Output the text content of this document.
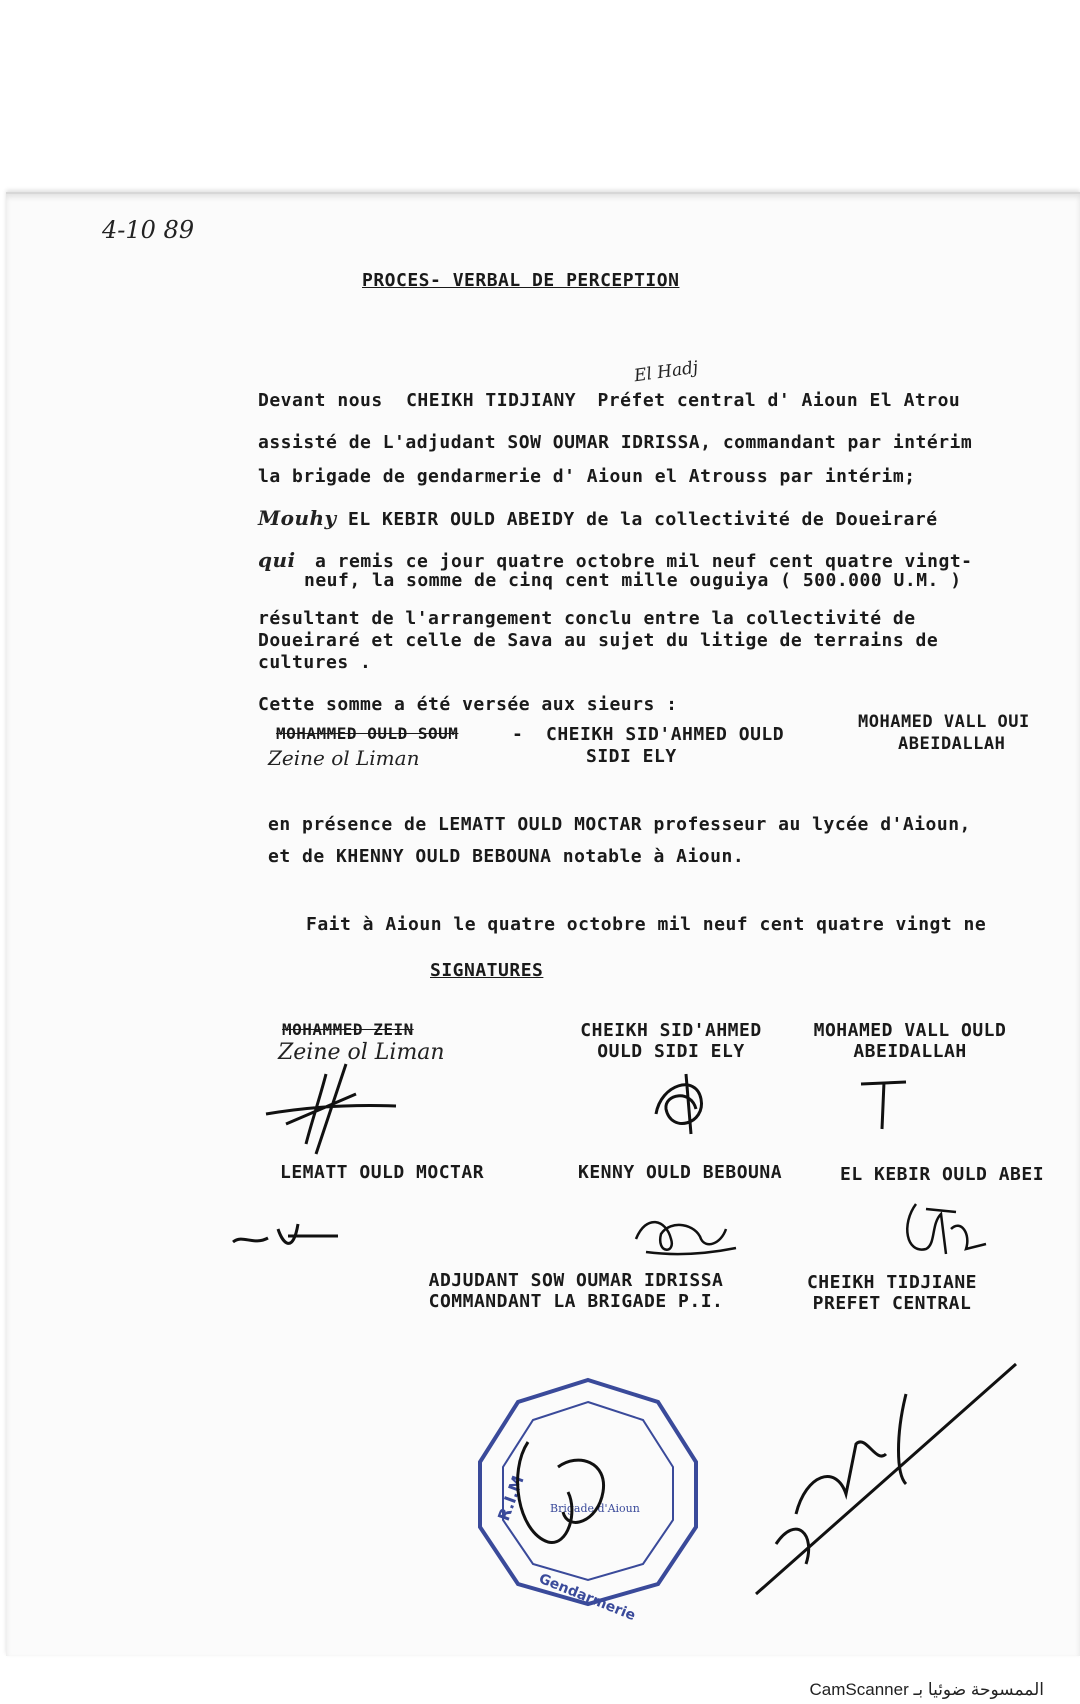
4-10 89
PROCES- VERBAL DE PERCEPTION
El Hadj
Devant nous CHEIKH TIDJIANY Préfet central d' Aioun El Atrou
assisté de L'adjudant SOW OUMAR IDRISSA, commandant par intérim
la brigade de gendarmerie d' Aioun el Atrouss par intérim;
Mouhy EL KEBIR OULD ABEIDY de la collectivité de Doueiraré
qui a remis ce jour quatre octobre mil neuf cent quatre vingt-
neuf, la somme de cinq cent mille ouguiya ( 500.000 U.M. )
résultant de l'arrangement conclu entre la collectivité de
Doueiraré et celle de Sava au sujet du litige de terrains de
cultures .
Cette somme a été versée aux sieurs :
MOHAMMED OULD SOUM
Zeine ol Liman
- CHEIKH SID'AHMED OULD
SIDI ELY
MOHAMED VALL OUI
ABEIDALLAH
en présence de LEMATT OULD MOCTAR professeur au lycée d'Aioun,
et de KHENNY OULD BEBOUNA notable à Aioun.
Fait à Aioun le quatre octobre mil neuf cent quatre vingt ne
SIGNATURES
MOHAMMED ZEIN
Zeine ol Liman
CHEIKH SID'AHMED
OULD SIDI ELY
MOHAMED VALL OULD
ABEIDALLAH
LEMATT OULD MOCTAR	KENNY OULD BEBOUNA	EL KEBIR OULD ABEI
ADJUDANT SOW OUMAR IDRISSA
COMMANDANT LA BRIGADE P.I.
CHEIKH TIDJIANE
PREFET CENTRAL
R.I.M
Gendarmerie
Brigade d'Aioun
CamScanner الممسوحة ضوئيا بـ
